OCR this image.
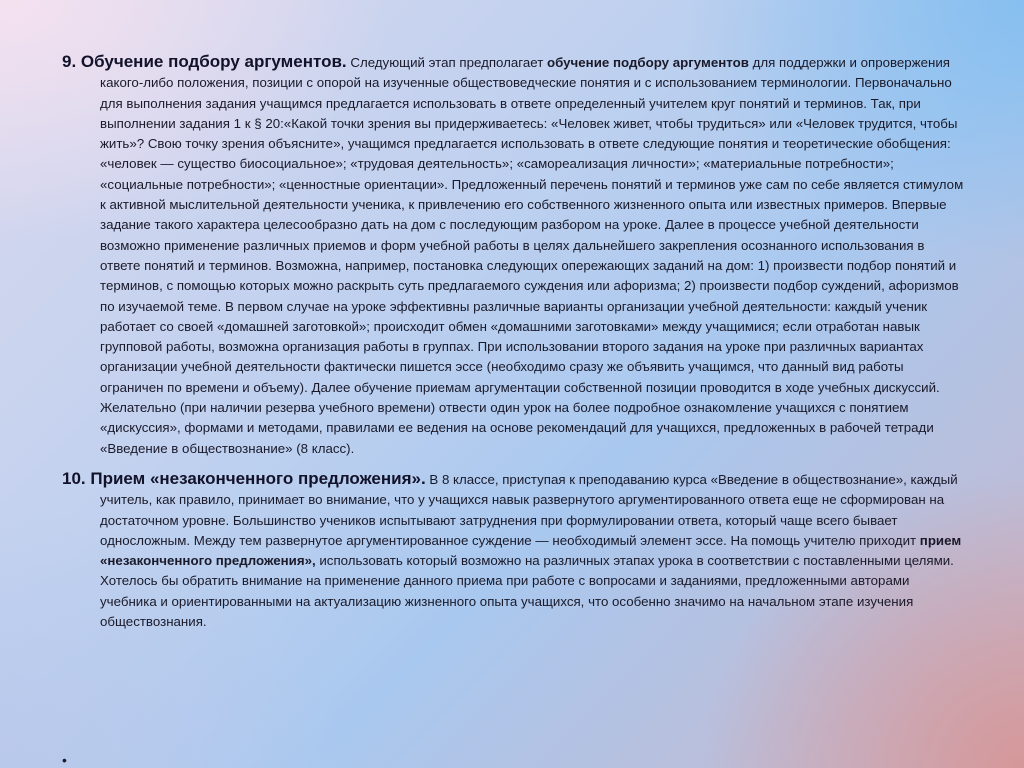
9. Обучение подбору аргументов. Следующий этап предполагает обучение подбору аргументов для поддержки и опровержения какого-либо положения, позиции с опорой на изученные обществоведческие понятия и с использованием терминологии. Первоначально для выполнения задания учащимся предлагается использовать в ответе определенный учителем круг понятий и терминов. Так, при выполнении задания 1 к § 20:«Какой точки зрения вы придерживаетесь: «Человек живет, чтобы трудиться» или «Человек трудится, чтобы жить»? Свою точку зрения объясните», учащимся предлагается использовать в ответе следующие понятия и теоретические обобщения: «человек — существо биосоциальное»; «трудовая деятельность»; «самореализация личности»; «материальные потребности»; «социальные потребности»; «ценностные ориентации». Предложенный перечень понятий и терминов уже сам по себе является стимулом к активной мыслительной деятельности ученика, к привлечению его собственного жизненного опыта или известных примеров. Впервые задание такого характера целесообразно дать на дом с последующим разбором на уроке. Далее в процессе учебной деятельности возможно применение различных приемов и форм учебной работы в целях дальнейшего закрепления осознанного использования в ответе понятий и терминов. Возможна, например, постановка следующих опережающих заданий на дом: 1) произвести подбор понятий и терминов, с помощью которых можно раскрыть суть предлагаемого суждения или афоризма; 2) произвести подбор суждений, афоризмов по изучаемой теме. В первом случае на уроке эффективны различные варианты организации учебной деятельности: каждый ученик работает со своей «домашней заготовкой»; происходит обмен «домашними заготовками» между учащимися; если отработан навык групповой работы, возможна организация работы в группах. При использовании второго задания на уроке при различных вариантах организации учебной деятельности фактически пишется эссе (необходимо сразу же объявить учащимся, что данный вид работы ограничен по времени и объему). Далее обучение приемам аргументации собственной позиции проводится в ходе учебных дискуссий. Желательно (при наличии резерва учебного времени) отвести один урок на более подробное ознакомление учащихся с понятием «дискуссия», формами и методами, правилами ее ведения на основе рекомендаций для учащихся, предложенных в рабочей тетради «Введение в обществознание» (8 класс).

10. Прием «незаконченного предложения». В 8 классе, приступая к преподаванию курса «Введение в обществознание», каждый учитель, как правило, принимает во внимание, что у учащихся навык развернутого аргументированного ответа еще не сформирован на достаточном уровне. Большинство учеников испытывают затруднения при формулировании ответа, который чаще всего бывает односложным. Между тем развернутое аргументированное суждение — необходимый элемент эссе. На помощь учителю приходит прием «незаконченного предложения», использовать который возможно на различных этапах урока в соответствии с поставленными целями. Хотелось бы обратить внимание на применение данного приема при работе с вопросами и заданиями, предложенными авторами учебника и ориентированными на актуализацию жизненного опыта учащихся, что особенно значимо на начальном этапе изучения обществознания.

•
